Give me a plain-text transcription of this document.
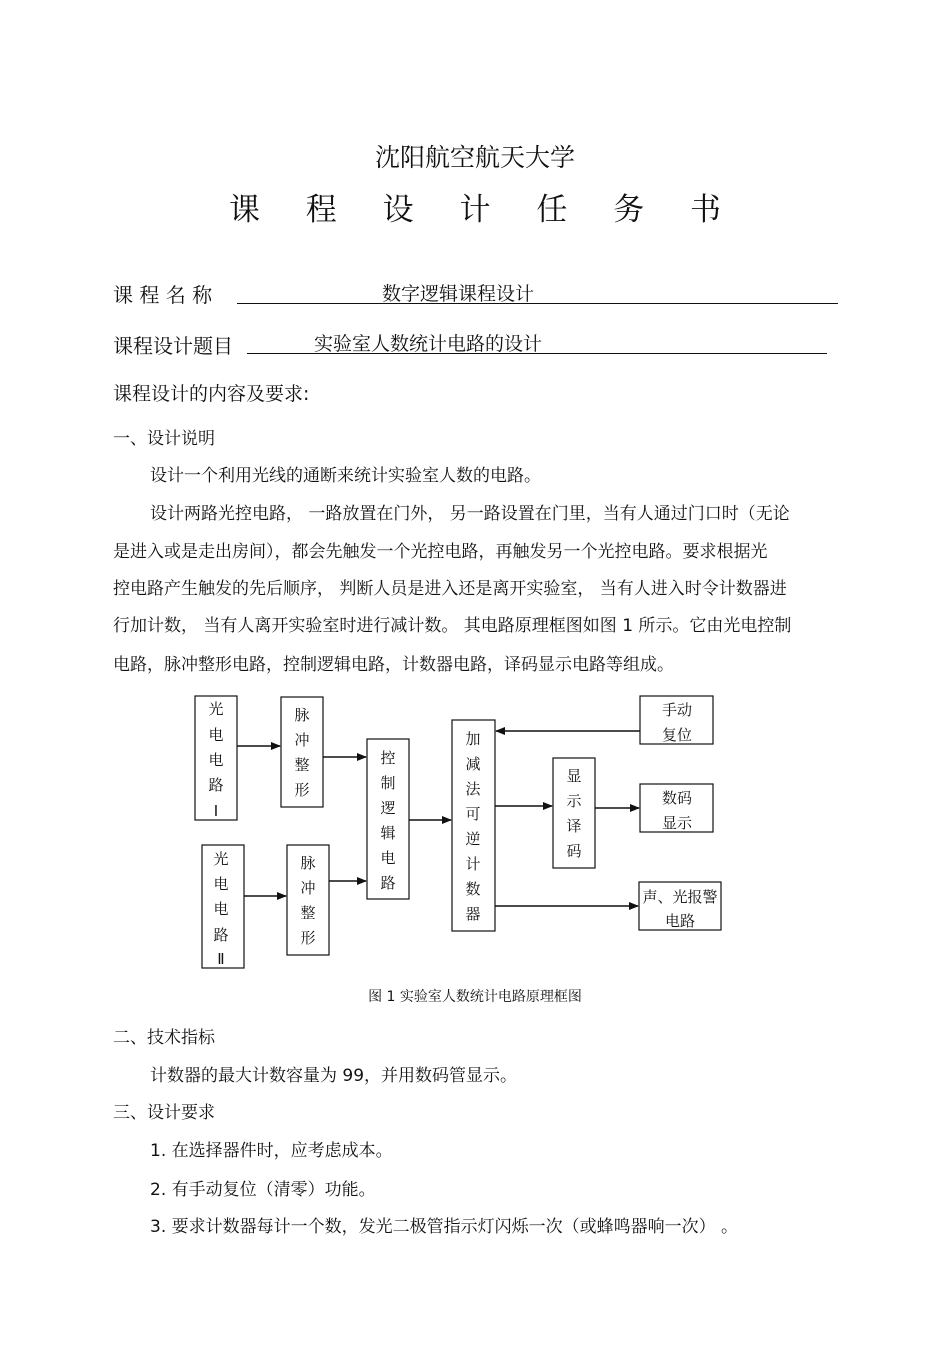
沈阳航空航天大学
课 程 设 计 任 务 书
课 程 名 称	数字逻辑课程设计
课程设计题目	实验室人数统计电路的设计
课程设计的内容及要求:
一、设计说明
设计一个利用光线的通断来统计实验室人数的电路。
设计两路光控电路， 一路放置在门外， 另一路设置在门里，当有人通过门口时（无论
是进入或是走出房间），都会先触发一个光控电路，再触发另一个光控电路。要求根据光
控电路产生触发的先后顺序， 判断人员是进入还是离开实验室， 当有人进入时令计数器进
行加计数， 当有人离开实验室时进行减计数。 其电路原理框图如图 1 所示。它由光电控制
电路，脉冲整形电路，控制逻辑电路，计数器电路，译码显示电路等组成。
光
电
电
路
Ⅰ
脉
冲
整
形
光
电
电
路
Ⅱ
脉
冲
整
形
控
制
逻
辑
电
路
加
减
法
可
逆
计
数
器
显
示
译
码
手动
复位
数码
显示
声、光报警
电路
图 1 实验室人数统计电路原理框图
二、技术指标
计数器的最大计数容量为 99，并用数码管显示。
三、设计要求
1. 在选择器件时，应考虑成本。
2. 有手动复位（清零）功能。
3. 要求计数器每计一个数，发光二极管指示灯闪烁一次（或蜂鸣器响一次） 。
